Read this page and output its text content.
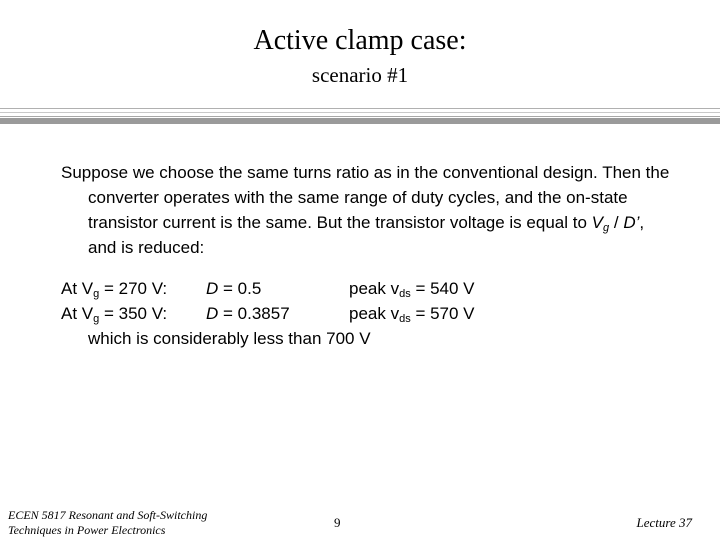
Active clamp case:
scenario #1

Suppose we choose the same turns ratio as in the conventional design. Then the converter operates with the same range of duty cycles, and the on-state transistor current is the same. But the transistor voltage is equal to $V_g$ / D’, and is reduced:

At $V_g = 270$ V: D = 0.5	peak $v_{ds} = 540$ V
At $V_g = 350$ V: D = 0.3857	peak $v_{ds} = 570$ V
which is considerably less than 700 V
ECEN 5817 Resonant and Soft-Switching
Techniques in Power Electronics	9	Lecture 37
